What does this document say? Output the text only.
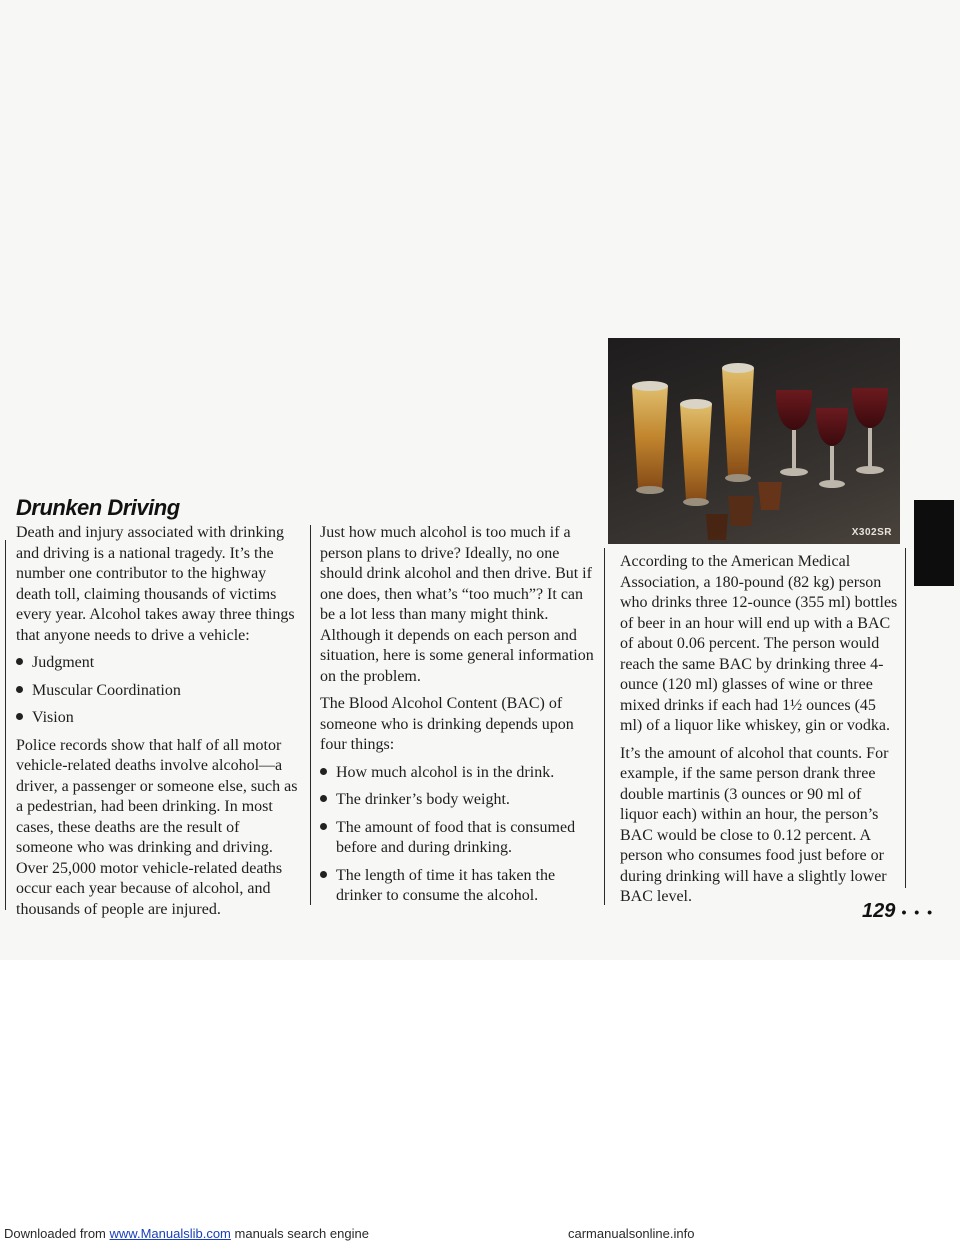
Drunken Driving

Death and injury associated with drinking and driving is a national tragedy. It’s the number one contributor to the highway death toll, claiming thousands of victims every year. Alcohol takes away three things that anyone needs to drive a vehicle:

Judgment
Muscular Coordination
Vision

Police records show that half of all motor vehicle-related deaths involve alcohol—a driver, a passenger or someone else, such as a pedestrian, had been drinking. In most cases, these deaths are the result of someone who was drinking and driving. Over 25,000 motor vehicle-related deaths occur each year because of alcohol, and thousands of people are injured.

Just how much alcohol is too much if a person plans to drive? Ideally, no one should drink alcohol and then drive. But if one does, then what’s “too much”? It can be a lot less than many might think. Although it depends on each person and situation, here is some general information on the problem.

The Blood Alcohol Content (BAC) of someone who is drinking depends upon four things:

How much alcohol is in the drink.
The drinker’s body weight.
The amount of food that is consumed before and during drinking.
The length of time it has taken the drinker to consume the alcohol.
X302SR

According to the American Medical Association, a 180-pound (82 kg) person who drinks three 12-ounce (355 ml) bottles of beer in an hour will end up with a BAC of about 0.06 percent. The person would reach the same BAC by drinking three 4-ounce (120 ml) glasses of wine or three mixed drinks if each had 1½ ounces (45 ml) of a liquor like whiskey, gin or vodka.

It’s the amount of alcohol that counts. For example, if the same person drank three double martinis (3 ounces or 90 ml of liquor each) within an hour, the person’s BAC would be close to 0.12 percent. A person who consumes food just before or during drinking will have a slightly lower BAC level.

129 • • •
Downloaded from www.Manualslib.com manuals search engine	carmanualsonline.info
